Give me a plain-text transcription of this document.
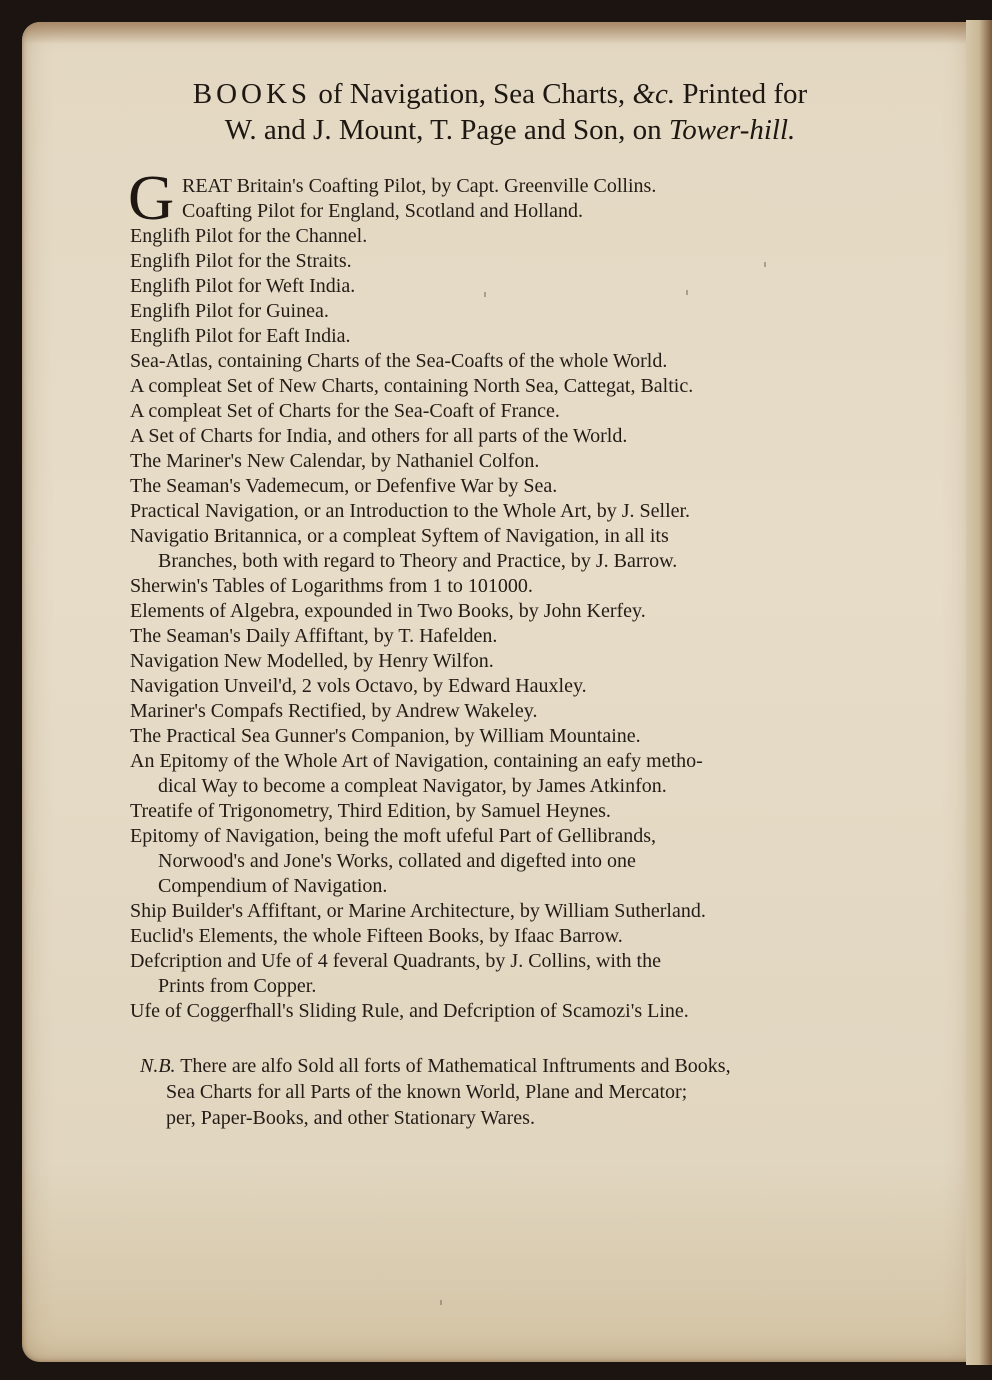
BOOKS of Navigation, Sea Charts, &c. Printed for
W. and J. Mount, T. Page and Son, on Tower-hill.
G REAT Britain's Coafting Pilot, by Capt. Greenville Collins.
Coafting Pilot for England, Scotland and Holland.
Englifh Pilot for the Channel.
Englifh Pilot for the Straits.
Englifh Pilot for Weft India.
Englifh Pilot for Guinea.
Englifh Pilot for Eaft India.
Sea-Atlas, containing Charts of the Sea-Coafts of the whole World.
A compleat Set of New Charts, containing North Sea, Cattegat, Baltic.
A compleat Set of Charts for the Sea-Coaft of France.
A Set of Charts for India, and others for all parts of the World.
The Mariner's New Calendar, by Nathaniel Colfon.
The Seaman's Vademecum, or Defenfive War by Sea.
Practical Navigation, or an Introduction to the Whole Art, by J. Seller.
Navigatio Britannica, or a compleat Syftem of Navigation, in all its
Branches, both with regard to Theory and Practice, by J. Barrow.
Sherwin's Tables of Logarithms from 1 to 101000.
Elements of Algebra, expounded in Two Books, by John Kerfey.
The Seaman's Daily Affiftant, by T. Hafelden.
Navigation New Modelled, by Henry Wilfon.
Navigation Unveil'd, 2 vols Octavo, by Edward Hauxley.
Mariner's Compafs Rectified, by Andrew Wakeley.
The Practical Sea Gunner's Companion, by William Mountaine.
An Epitomy of the Whole Art of Navigation, containing an eafy metho-
dical Way to become a compleat Navigator, by James Atkinfon.
Treatife of Trigonometry, Third Edition, by Samuel Heynes.
Epitomy of Navigation, being the moft ufeful Part of Gellibrands,
Norwood's and Jone's Works, collated and digefted into one
Compendium of Navigation.
Ship Builder's Affiftant, or Marine Architecture, by William Sutherland.
Euclid's Elements, the whole Fifteen Books, by Ifaac Barrow.
Defcription and Ufe of 4 feveral Quadrants, by J. Collins, with the
Prints from Copper.
Ufe of Coggerfhall's Sliding Rule, and Defcription of Scamozi's Line.
N.B. There are alfo Sold all forts of Mathematical Inftruments and Books,
Sea Charts for all Parts of the known World, Plane and Mercator;
per, Paper-Books, and other Stationary Wares.
